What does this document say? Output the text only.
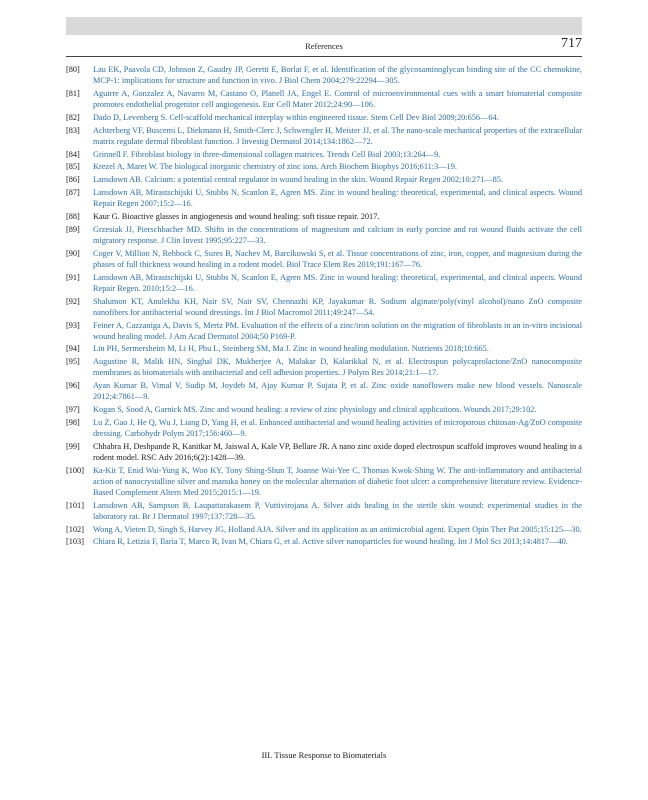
References	717
[80] Lau EK, Paavola CD, Johnson Z, Gaudry JP, Geretti E, Borlat F, et al. Identification of the glycosaminoglycan binding site of the CC chemokine, MCP-1: implications for structure and function in vivo. J Biol Chem 2004;279:22294—305.
[81] Aguirre A, Gonzalez A, Navarro M, Castano O, Planell JA, Engel E. Control of microenvironmental cues with a smart biomaterial composite promotes endothelial progenitor cell angiogenesis. Eur Cell Mater 2012;24:90—106.
[82] Dado D, Levenberg S. Cell-scaffold mechanical interplay within engineered tissue. Stem Cell Dev Biol 2009;20:656—64.
[83] Achterberg VF, Buscemi L, Diekmann H, Smith-Clerc J, Schwengler H, Meister JJ, et al. The nano-scale mechanical properties of the extracellular matrix regulate dermal fibroblast function. J Investig Dermatol 2014;134:1862—72.
[84] Grinnell F. Fibroblast biology in three-dimensional collagen matrices. Trends Cell Biol 2003;13:264—9.
[85] Krezel A, Maret W. The biological inorganic chemistry of zinc ions. Arch Biochem Biophys 2016;611:3—19.
[86] Lansdown AB. Calcium: a potential central regulator in wound healing in the skin. Wound Repair Regen 2002;10:271—85.
[87] Lansdown AB, Mirastschijski U, Stubbs N, Scanlon E, Agren MS. Zinc in wound healing: theoretical, experimental, and clinical aspects. Wound Repair Regen 2007;15:2—16.
[88] Kaur G. Bioactive glasses in angiogenesis and wound healing: soft tissue repair. 2017.
[89] Grzesiak JJ, Pierschbacher MD. Shifts in the concentrations of magnesium and calcium in early porcine and rat wound fluids activate the cell migratory response. J Clin Invest 1995;95:227—33.
[90] Coger V, Million N, Rehbock C, Sures B, Nachev M, Barcikowski S, et al. Tissue concentrations of zinc, iron, copper, and magnesium during the phases of full thickness wound healing in a rodent model. Biol Trace Elem Res 2019;191:167—76.
[91] Lansdown AB, Mirastschijski U, Stubbs N, Scanlon E, Agren MS. Zinc in wound healing: theoretical, experimental, and clinical aspects. Wound Repair Regen. 2010;15:2—16.
[92] Shalumon KT, Anulekha KH, Nair SV, Nair SV, Chennazhi KP, Jayakumar R. Sodium alginate/poly(vinyl alcohol)/nano ZnO composite nanofibers for antibacterial wound dressings. Int J Biol Macromol 2011;49:247—54.
[93] Feiner A, Cazzaniga A, Davis S, Mertz PM. Evaluation of the effects of a zinc/iron solution on the migration of fibroblasts in an in-vitro incisional wound healing model. J Am Acad Dermatol 2004;50 P169-P.
[94] Lin PH, Sermersheim M, Li H, Phu L, Steinberg SM, Ma J. Zinc in wound healing modulation. Nutrients 2018;10:665.
[95] Augustine R, Malik HN, Singhal DK, Mukherjee A, Malakar D, Kalarikkal N, et al. Electrospun polycaprolactone/ZnO nanocomposite membranes as biomaterials with antibacterial and cell adhesion properties. J Polym Res 2014;21:1—17.
[96] Ayan Kumar B, Vimal V, Sudip M, Joydeb M, Ajay Kumar P, Sujata P, et al. Zinc oxide nanoflowers make new blood vessels. Nanoscale 2012;4:7861—9.
[97] Kogan S, Sood A, Garnick MS. Zinc and wound healing: a review of zinc physiology and clinical applications. Wounds 2017;29:102.
[98] Lu Z, Gao J, He Q, Wu J, Liang D, Yang H, et al. Enhanced antibacterial and wound healing activities of microporous chitosan-Ag/ZnO composite dressing. Carbohydr Polym 2017;156:460—9.
[99] Chhabra H, Deshpande R, Kanitkar M, Jaiswal A, Kale VP, Bellare JR. A nano zinc oxide doped electrospun scaffold improves wound healing in a rodent model. RSC Adv 2016;6(2):1428—39.
[100] Ka-Kit T, Enid Wai-Yung K, Woo KY, Tony Shing-Shun T, Joanne Wai-Yee C, Thomas Kwok-Shing W. The anti-inflammatory and antibacterial action of nanocrystalline silver and manuka honey on the molecular alternation of diabetic foot ulcer: a comprehensive literature review. Evidence-Based Complement Altern Med 2015;2015:1—19.
[101] Lansdown AB, Sampson B, Laupattarakasem P, Vuttivirojana A. Silver aids healing in the sterile skin wound: experimental studies in the laboratory rat. Br J Dermatol 1997;137:728—35.
[102] Wong A, Vieten D, Singh S, Harvey JG, Holland AJA. Silver and its application as an antimicrobial agent. Expert Opin Ther Pat 2005;15:125—30.
[103] Chiara R, Letizia F, Ilaria T, Marco R, Ivan M, Chiara G, et al. Active silver nanoparticles for wound healing. Int J Mol Sci 2013;14:4817—40.
III. Tissue Response to Biomaterials
